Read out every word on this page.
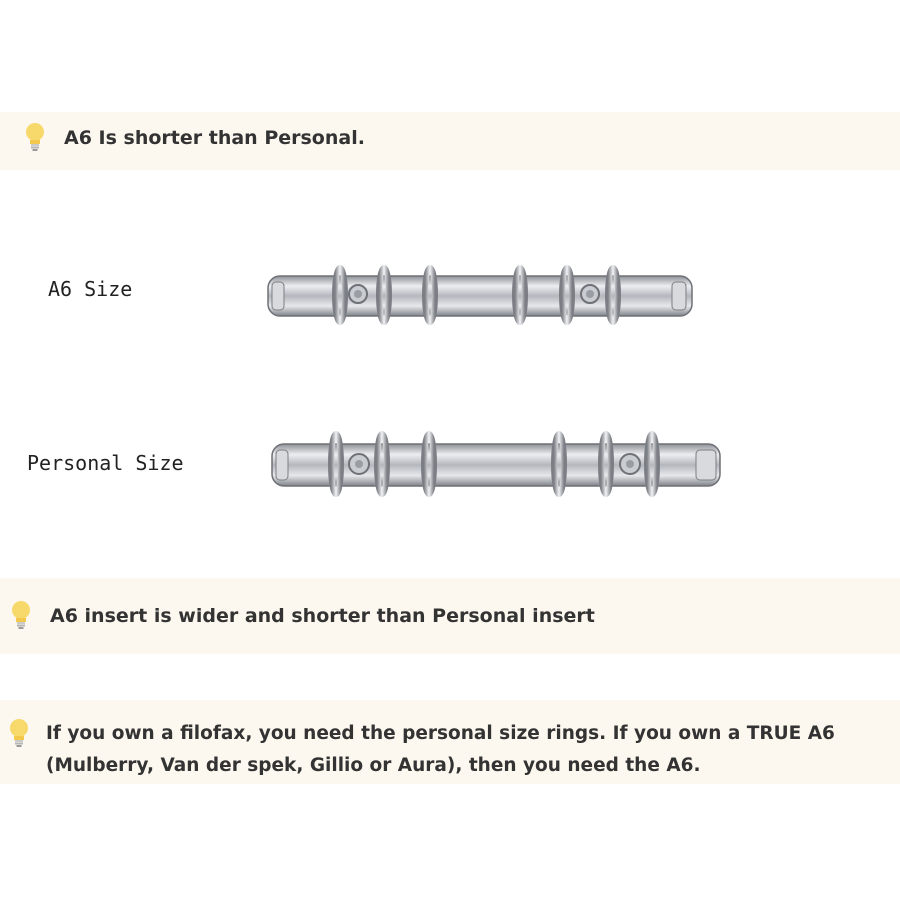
A6 Is shorter than Personal.
A6 Size
Personal Size
A6 insert is wider and shorter than Personal insert
If you own a filofax, you need the personal size rings. If you own a TRUE A6 (Mulberry, Van der spek, Gillio or Aura), then you need the A6.
